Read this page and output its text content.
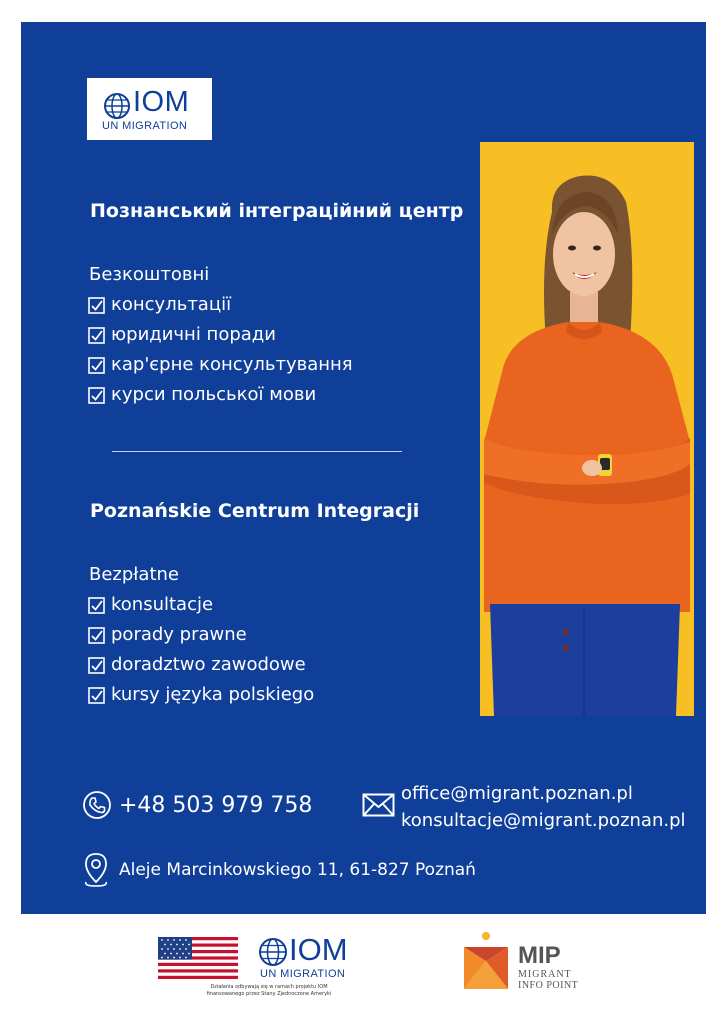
IOM
UN MIGRATION
Познанський інтеграційний центр
Безкоштовні
консультації
юридичні поради
кар'єрне консультування
курси польської мови
Poznańskie Centrum Integracji
Bezpłatne
konsultacje
porady prawne
doradztwo zawodowe
kursy języka polskiego
+48 503 979 758	office@migrant.poznan.pl
konsultacje@migrant.poznan.pl
Aleje Marcinkowskiego 11, 61-827 Poznań
IOM
UN MIGRATION
Działania odbywają się w ramach projektu IOM
finansowanego przez Stany Zjednoczone Ameryki
MIP
MIGRANT
INFO POINT
